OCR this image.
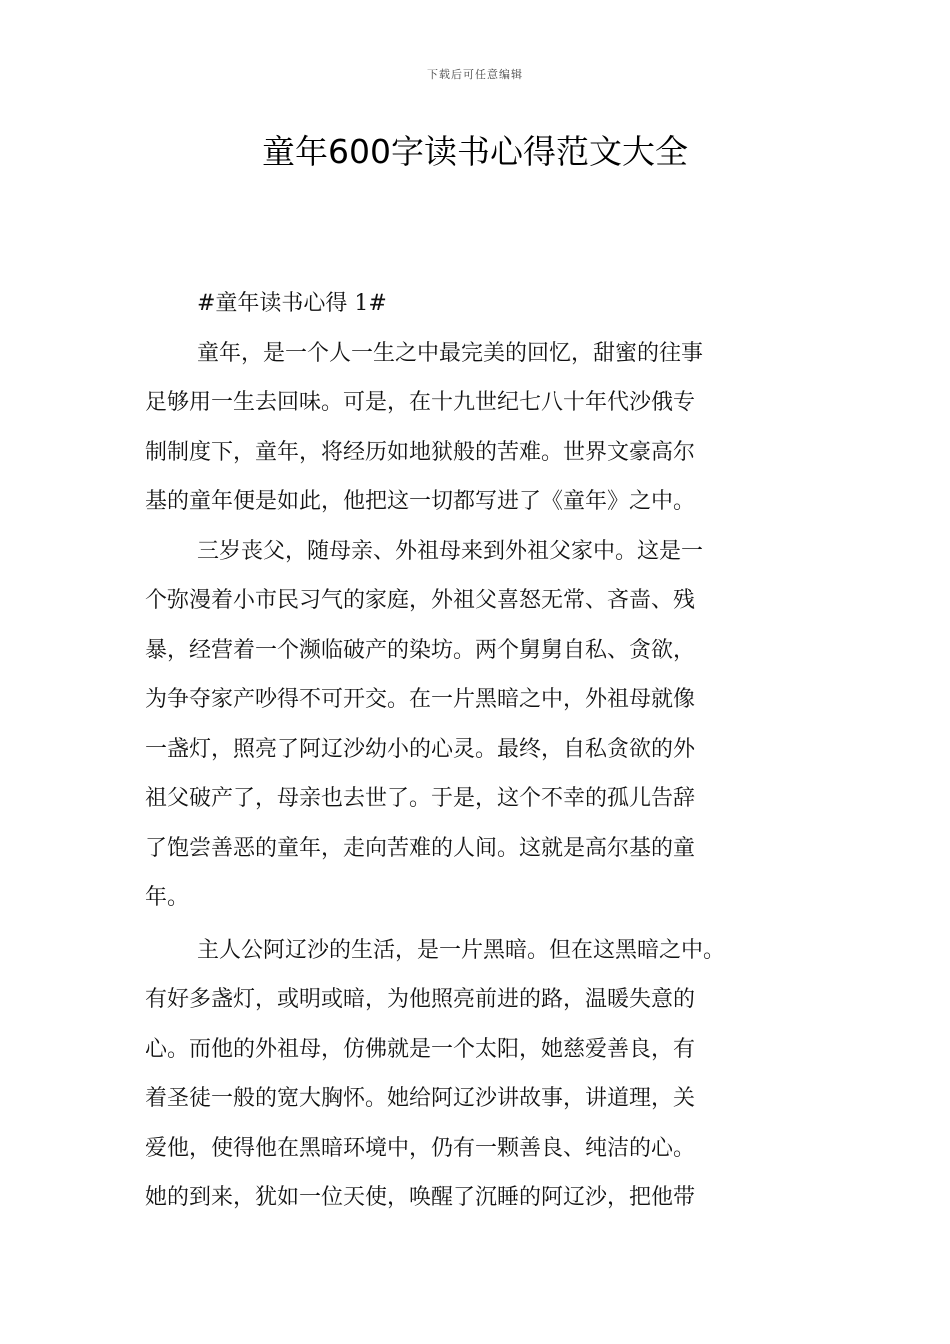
下载后可任意编辑
童年600字读书心得范文大全

#童年读书心得 1#

童年，是一个人一生之中最完美的回忆，甜蜜的往事

足够用一生去回味。可是，在十九世纪七八十年代沙俄专

制制度下，童年，将经历如地狱般的苦难。世界文豪高尔

基的童年便是如此，他把这一切都写进了《童年》之中。

三岁丧父，随母亲、外祖母来到外祖父家中。这是一

个弥漫着小市民习气的家庭，外祖父喜怒无常、吝啬、残

暴，经营着一个濒临破产的染坊。两个舅舅自私、贪欲，

为争夺家产吵得不可开交。在一片黑暗之中，外祖母就像

一盏灯，照亮了阿辽沙幼小的心灵。最终，自私贪欲的外

祖父破产了，母亲也去世了。于是，这个不幸的孤儿告辞

了饱尝善恶的童年，走向苦难的人间。这就是高尔基的童

年。

主人公阿辽沙的生活，是一片黑暗。但在这黑暗之中。

有好多盏灯，或明或暗，为他照亮前进的路，温暖失意的

心。而他的外祖母，仿佛就是一个太阳，她慈爱善良，有

着圣徒一般的宽大胸怀。她给阿辽沙讲故事，讲道理，关

爱他，使得他在黑暗环境中，仍有一颗善良、纯洁的心。

她的到来，犹如一位天使，唤醒了沉睡的阿辽沙，把他带
